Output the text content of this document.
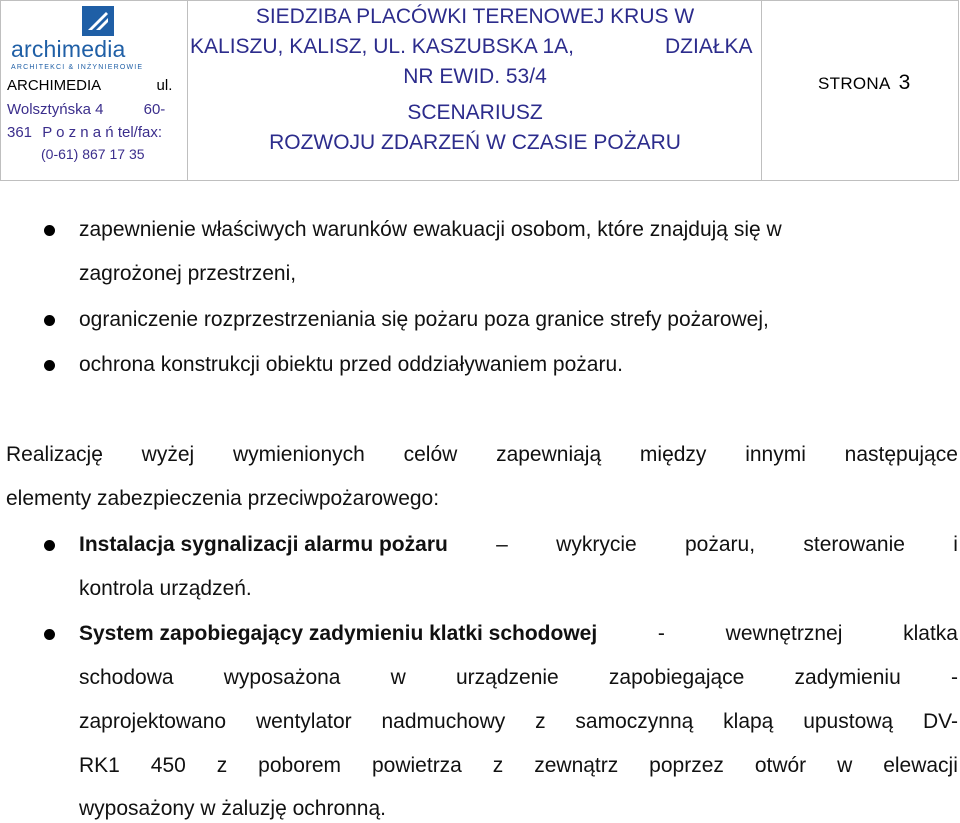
archimedia
ARCHITEKCI & INŻYNIEROWIE
ARCHIMEDIA	ul.
Wolsztyńska 4	60-
361 P o z n a ń tel/fax:
(0-61) 867 17 35
SIEDZIBA PLACÓWKI TERENOWEJ KRUS W
KALISZU, KALISZ, UL. KASZUBSKA 1A,	DZIAŁKA
NR EWID. 53/4
SCENARIUSZ
ROZWOJU ZDARZEŃ W CZASIE POŻARU
STRONA 3
zapewnienie właściwych warunków ewakuacji osobom, które znajdują się w
zagrożonej przestrzeni,
ograniczenie rozprzestrzeniania się pożaru poza granice strefy pożarowej,
ochrona konstrukcji obiektu przed oddziaływaniem pożaru.
Realizację wyżej wymienionych celów zapewniają między innymi następujące
elementy zabezpieczenia przeciwpożarowego:
Instalacja sygnalizacji alarmu pożaru – wykrycie pożaru, sterowanie i
kontrola urządzeń.
System zapobiegający zadymieniu klatki schodowej	-	wewnętrznej	klatka
schodowa wyposażona w urządzenie zapobiegające zadymieniu -
zaprojektowano wentylator nadmuchowy z samoczynną klapą upustową DV-
RK1 450 z poborem powietrza z zewnątrz poprzez otwór w elewacji
wyposażony w żaluzję ochronną.
